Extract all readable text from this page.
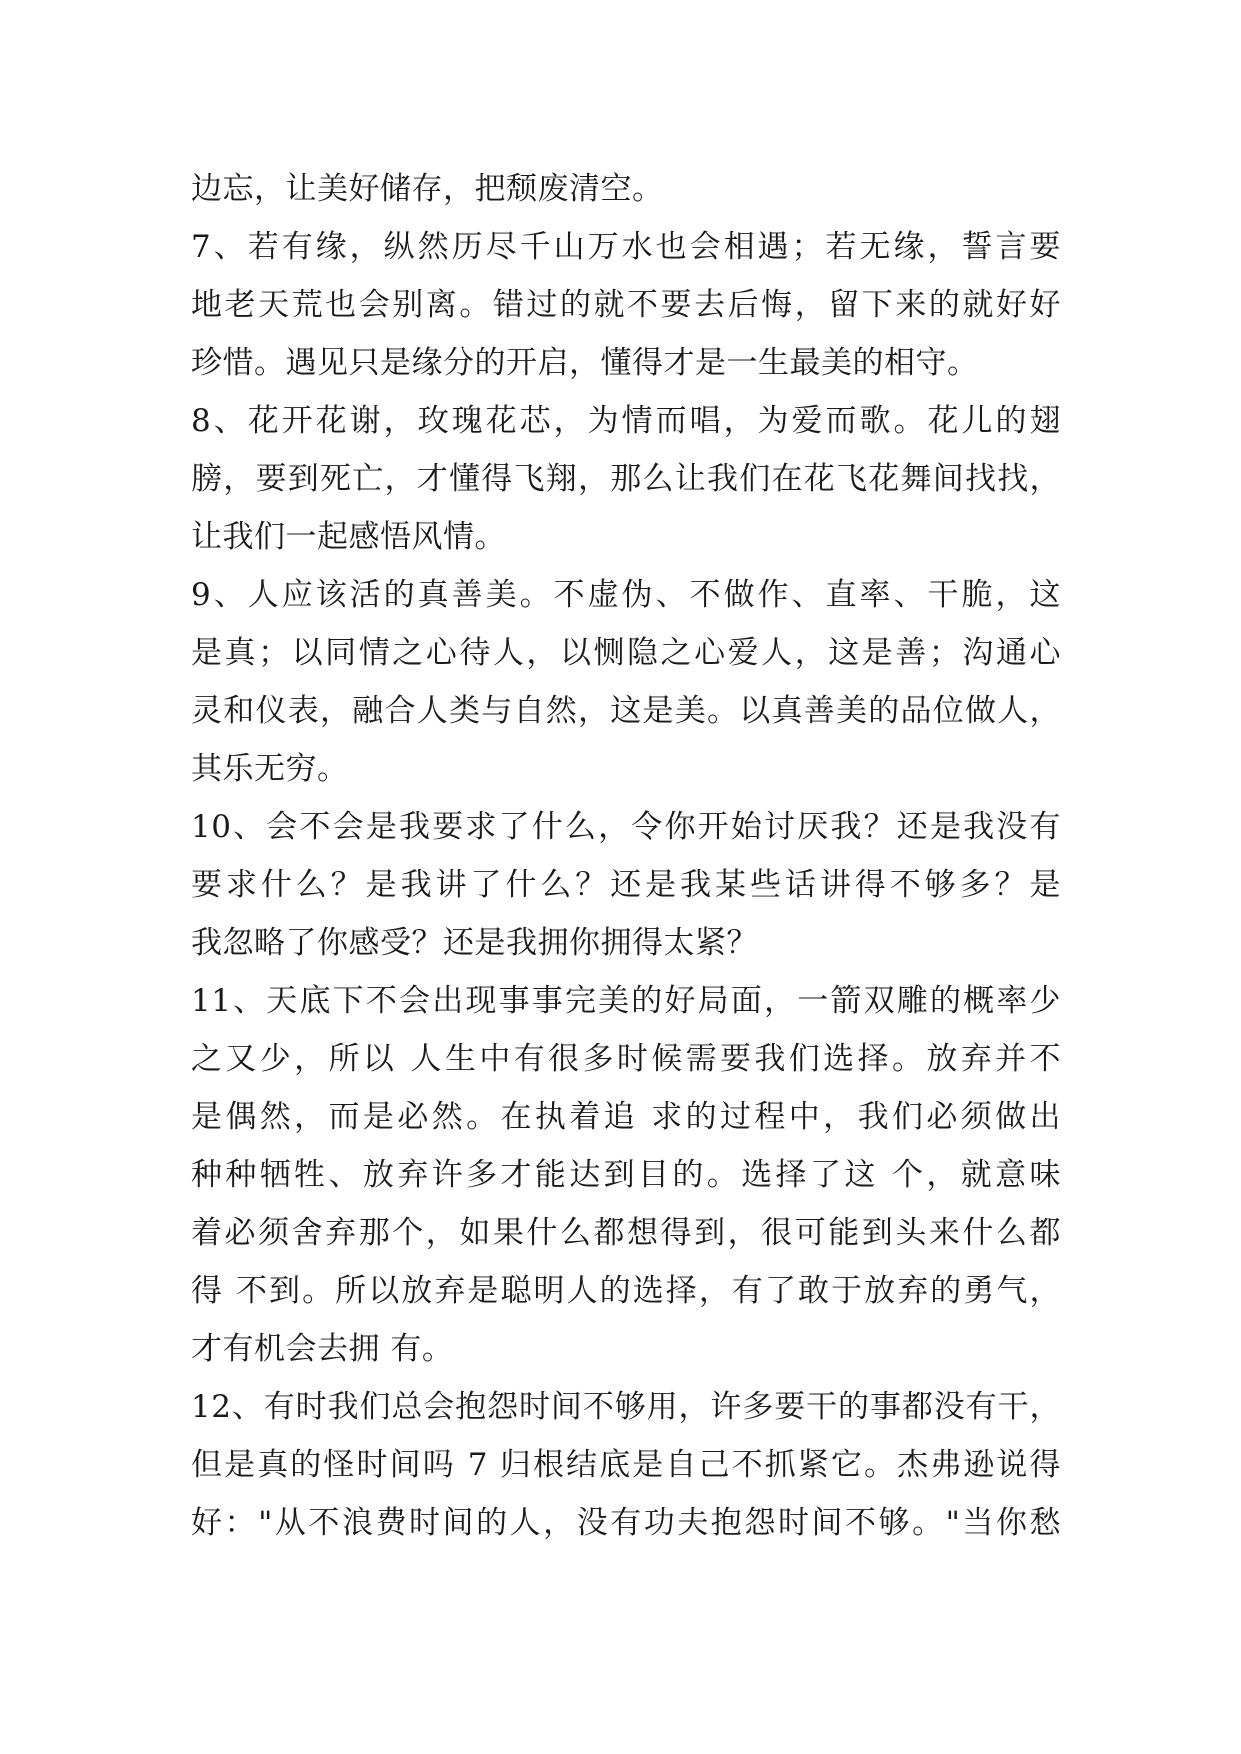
边忘，让美好储存，把颓废清空。
7、若有缘，纵然历尽千山万水也会相遇；若无缘，誓言要
地老天荒也会别离。错过的就不要去后悔，留下来的就好好
珍惜。遇见只是缘分的开启，懂得才是一生最美的相守。
8、花开花谢，玫瑰花芯，为情而唱，为爱而歌。花儿的翅
膀，要到死亡，才懂得飞翔，那么让我们在花飞花舞间找找，
让我们一起感悟风情。
9、人应该活的真善美。不虚伪、不做作、直率、干脆，这
是真；以同情之心待人，以恻隐之心爱人，这是善；沟通心
灵和仪表，融合人类与自然，这是美。以真善美的品位做人，
其乐无穷。
10、会不会是我要求了什么，令你开始讨厌我？还是我没有
要求什么？是我讲了什么？还是我某些话讲得不够多？是
我忽略了你感受？还是我拥你拥得太紧？
11、天底下不会出现事事完美的好局面，一箭双雕的概率少
之又少，所以 人生中有很多时候需要我们选择。放弃并不
是偶然，而是必然。在执着追 求的过程中，我们必须做出
种种牺牲、放弃许多才能达到目的。选择了这 个，就意味
着必须舍弃那个，如果什么都想得到，很可能到头来什么都
得 不到。所以放弃是聪明人的选择，有了敢于放弃的勇气，
才有机会去拥 有。
12、有时我们总会抱怨时间不够用，许多要干的事都没有干，
但是真的怪时间吗 7 归根结底是自己不抓紧它。杰弗逊说得
好："从不浪费时间的人，没有功夫抱怨时间不够。"当你愁
